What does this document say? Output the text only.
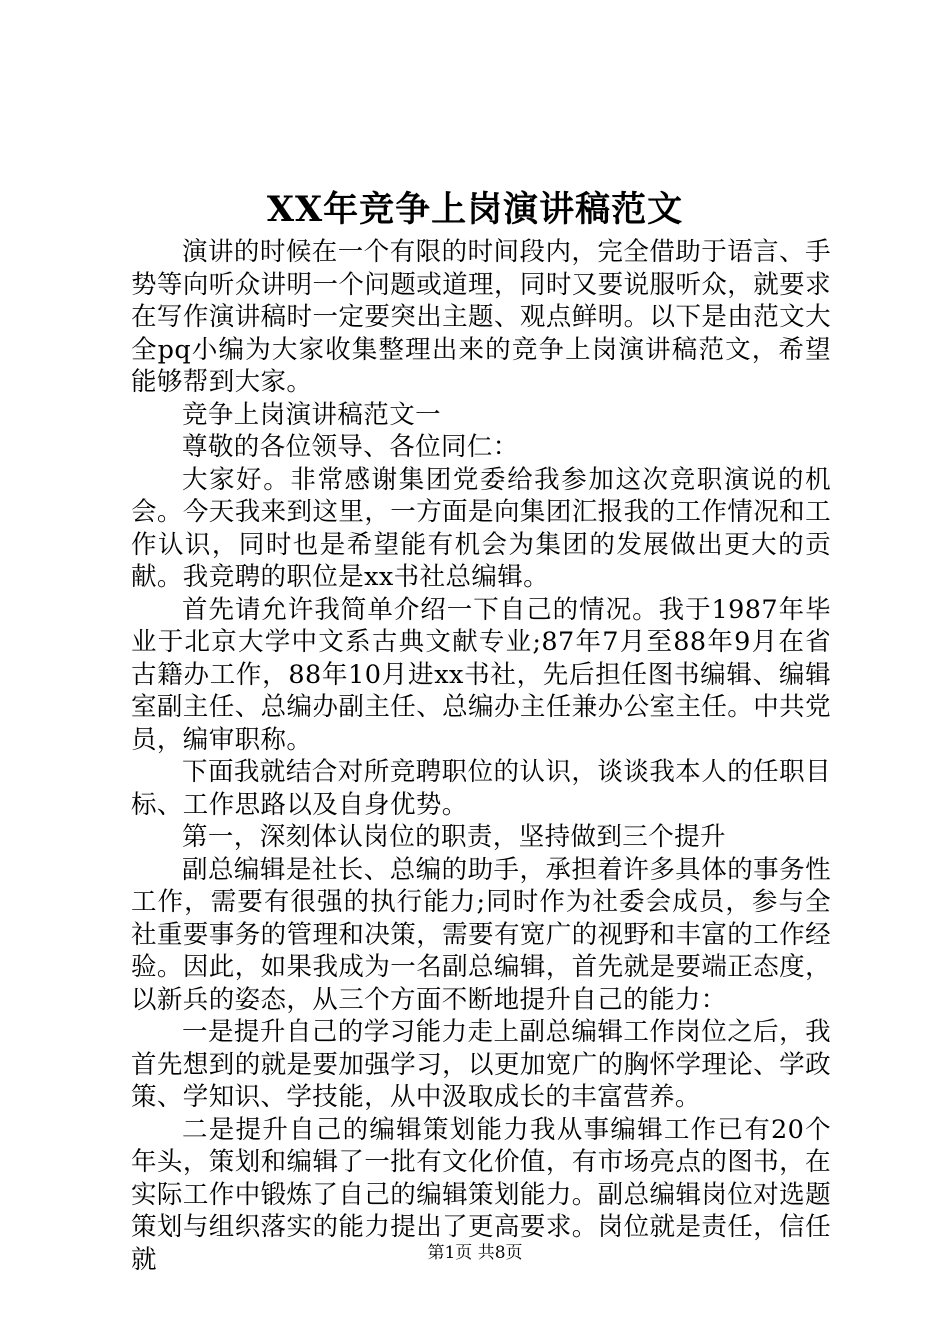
XX年竞争上岗演讲稿范文

演讲的时候在一个有限的时间段内，完全借助于语言、手势等向听众讲明一个问题或道理，同时又要说服听众，就要求在写作演讲稿时一定要突出主题、观点鲜明。以下是由范文大全pq小编为大家收集整理出来的竞争上岗演讲稿范文，希望能够帮到大家。

竞争上岗演讲稿范文一

尊敬的各位领导、各位同仁：

大家好。非常感谢集团党委给我参加这次竞职演说的机会。今天我来到这里，一方面是向集团汇报我的工作情况和工作认识，同时也是希望能有机会为集团的发展做出更大的贡献。我竞聘的职位是xx书社总编辑。

首先请允许我简单介绍一下自己的情况。我于1987年毕业于北京大学中文系古典文献专业;87年7月至88年9月在省古籍办工作，88年10月进xx书社，先后担任图书编辑、编辑室副主任、总编办副主任、总编办主任兼办公室主任。中共党员，编审职称。

下面我就结合对所竞聘职位的认识，谈谈我本人的任职目标、工作思路以及自身优势。

第一，深刻体认岗位的职责，坚持做到三个提升

副总编辑是社长、总编的助手，承担着许多具体的事务性工作，需要有很强的执行能力;同时作为社委会成员，参与全社重要事务的管理和决策，需要有宽广的视野和丰富的工作经验。因此，如果我成为一名副总编辑，首先就是要端正态度，以新兵的姿态，从三个方面不断地提升自己的能力：

一是提升自己的学习能力走上副总编辑工作岗位之后，我首先想到的就是要加强学习，以更加宽广的胸怀学理论、学政策、学知识、学技能，从中汲取成长的丰富营养。

二是提升自己的编辑策划能力我从事编辑工作已有20个年头，策划和编辑了一批有文化价值，有市场亮点的图书，在实际工作中锻炼了自己的编辑策划能力。副总编辑岗位对选题策划与组织落实的能力提出了更高要求。岗位就是责任，信任就	第1页 共8页
